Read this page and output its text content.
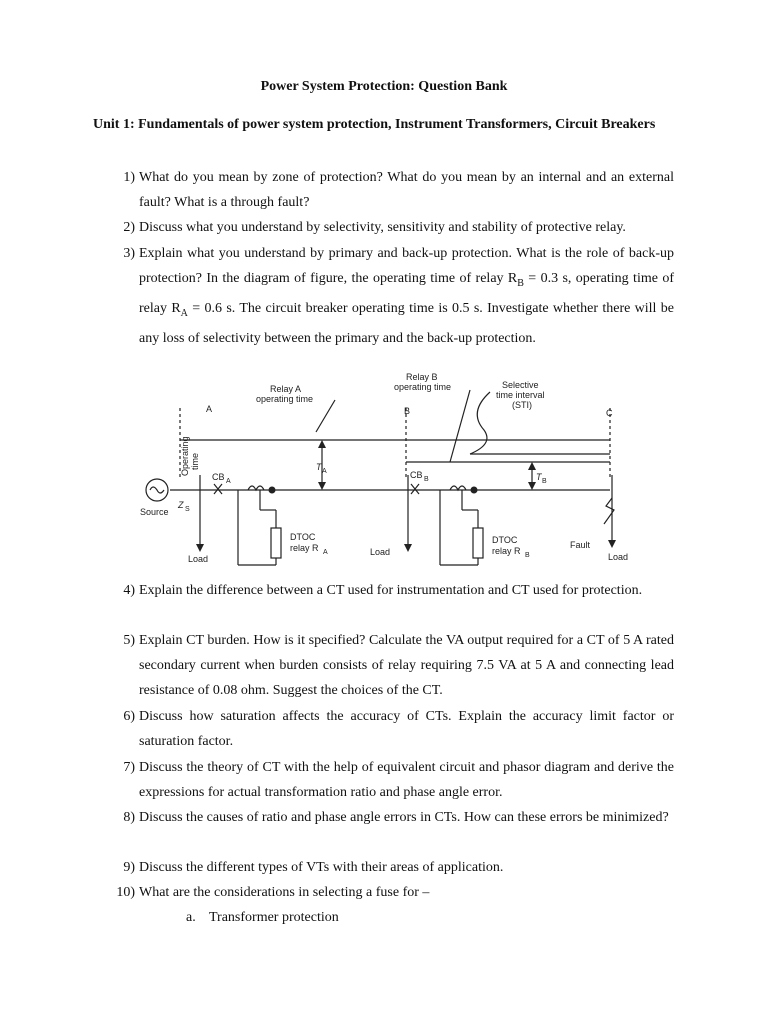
Power System Protection: Question Bank
Unit 1: Fundamentals of power system protection, Instrument Transformers, Circuit Breakers
1) What do you mean by zone of protection? What do you mean by an internal and an external fault? What is a through fault?
2) Discuss what you understand by selectivity, sensitivity and stability of protective relay.
3) Explain what you understand by primary and back-up protection. What is the role of back-up protection? In the diagram of figure, the operating time of relay $R_B = 0.3$ s, operating time of relay $R_A = 0.6$ s. The circuit breaker operating time is 0.5 s. Investigate whether there will be any loss of selectivity between the primary and the back-up protection.
Relay A
operating time
Relay B
operating time	Selective
time interval
(STI)
A	B	C
CB A
CB B
T A
T B
Z S
Source
DTOC
relay R A
DTOC
relay R B
Load
Load	Load
Fault
Operating time
4) Explain the difference between a CT used for instrumentation and CT used for protection.
5) Explain CT burden. How is it specified? Calculate the VA output required for a CT of 5 A rated secondary current when burden consists of relay requiring 7.5 VA at 5 A and connecting lead resistance of 0.08 ohm. Suggest the choices of the CT.
6) Discuss how saturation affects the accuracy of CTs. Explain the accuracy limit factor or saturation factor.
7) Discuss the theory of CT with the help of equivalent circuit and phasor diagram and derive the expressions for actual transformation ratio and phase angle error.
8) Discuss the causes of ratio and phase angle errors in CTs. How can these errors be minimized?
9) Discuss the different types of VTs with their areas of application.
10) What are the considerations in selecting a fuse for –
a. Transformer protection
